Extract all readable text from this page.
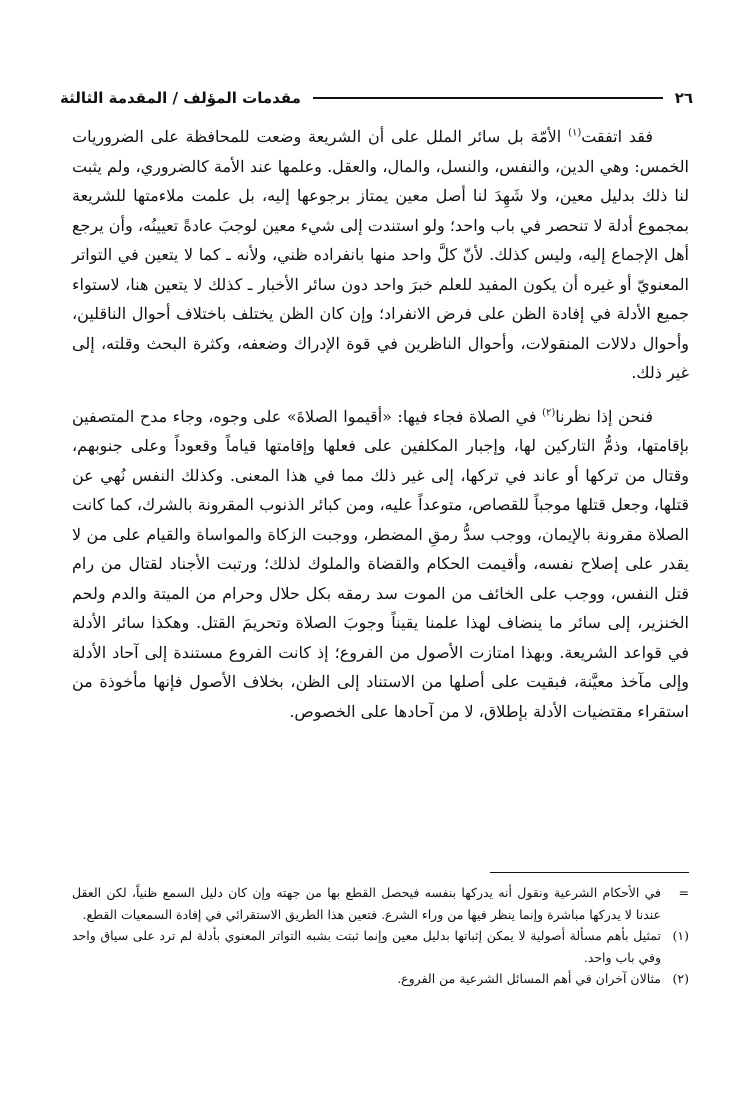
٢٦
مقدمات المؤلف / المقدمة الثالثة

فقد اتفقت$^{(١)}$ الأمّة بل سائر الملل على أن الشريعة وضعت للمحافظة على الضروريات الخمس: وهي الدين، والنفس، والنسل، والمال، والعقل. وعلمها عند الأمة كالضروري، ولم يثبت لنا ذلك بدليل معين، ولا شَهِدَ لنا أصل معين يمتاز برجوعها إليه، بل علمت ملاءمتها للشريعة بمجموع أدلة لا تنحصر في باب واحد؛ ولو استندت إلى شيء معين لوجبَ عادةً تعيينُه، وأن يرجع أهل الإجماع إليه، وليس كذلك. لأنّ كلَّ واحد منها بانفراده ظني، ولأنه ـ كما لا يتعين في التواتر المعنويّ أو غيره أن يكون المفيد للعلم خبرَ واحد دون سائر الأخبار ـ كذلك لا يتعين هنا، لاستواء جميع الأدلة في إفادة الظن على فرض الانفراد؛ وإن كان الظن يختلف باختلاف أحوال الناقلين، وأحوال دلالات المنقولات، وأحوال الناظرين في قوة الإدراك وضعفه، وكثرة البحث وقلته، إلى غير ذلك.

فنحن إذا نظرنا$^{(٢)}$ في الصلاة فجاء فيها: «أقيموا الصلاةَ» على وجوه، وجاء مدح المتصفين بإقامتها، وذمُّ التاركين لها، وإجبار المكلفين على فعلها وإقامتها قياماً وقعوداً وعلى جنوبهم، وقتال من تركها أو عاند في تركها، إلى غير ذلك مما في هذا المعنى. وكذلك النفس نُهي عن قتلها، وجعل قتلها موجباً للقصاص، متوعداً عليه، ومن كبائر الذنوب المقرونة بالشرك، كما كانت الصلاة مقرونة بالإيمان، ووجب سدُّ رمقِ المضطر، ووجبت الزكاة والمواساة والقيام على من لا يقدر على إصلاح نفسه، وأقيمت الحكام والقضاة والملوك لذلك؛ ورتبت الأجناد لقتال من رام قتل النفس، ووجب على الخائف من الموت سد رمقه بكل حلال وحرام من الميتة والدم ولحم الخنزير، إلى سائر ما ينضاف لهذا علمنا يقيناً وجوبَ الصلاة وتحريمَ القتل. وهكذا سائر الأدلة في قواعد الشريعة. وبهذا امتازت الأصول من الفروع؛ إذ كانت الفروع مستندة إلى آحاد الأدلة وإلى مآخذ معيَّنة، فبقيت على أصلها من الاستناد إلى الظن، بخلاف الأصول فإنها مأخوذة من استقراء مقتضيات الأدلة بإطلاق، لا من آحادها على الخصوص.

=
في الأحكام الشرعية ونقول أنه يدركها بنفسه فيحصل القطع بها من جهته وإن كان دليل السمع ظنياً، لكن العقل عندنا لا يدركها مباشرة وإنما ينظر فيها من وراء الشرع. فتعين هذا الطريق الاستقرائي في إفادة السمعيات القطع.
(١)
تمثيل بأهم مسألة أصولية لا يمكن إثباتها بدليل معين وإنما ثبتت بشبه التواتر المعنوي بأدلة لم ترد على سياق واحد وفي باب واحد.
(٢)
مثالان آخران في أهم المسائل الشرعية من الفروع.
